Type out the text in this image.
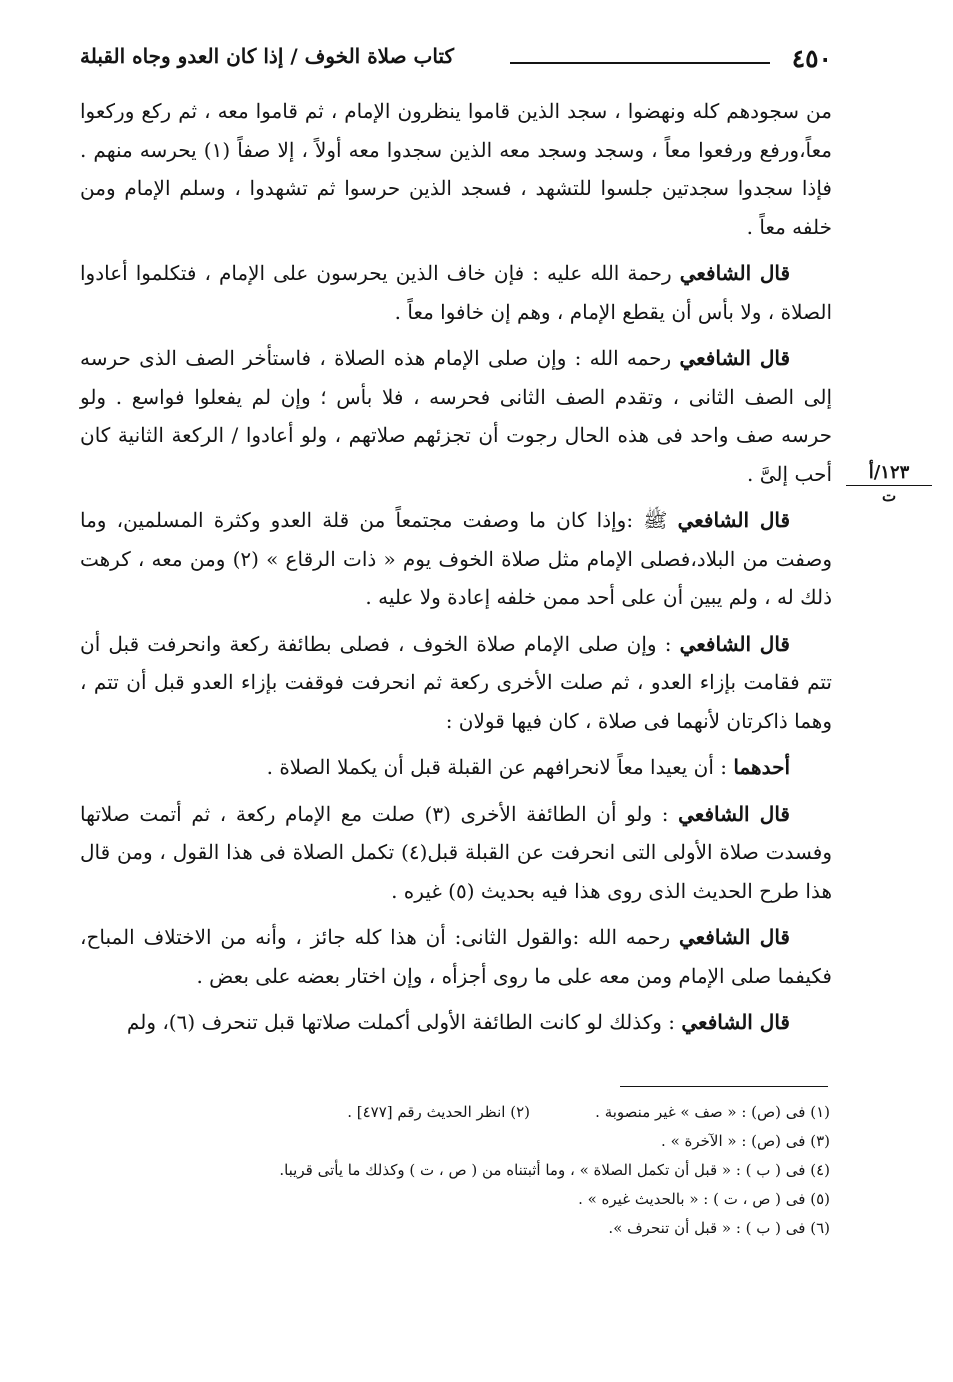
٤٥٠
كتاب صلاة الخوف / إذا كان العدو وجاه القبلة
١٢٣/أ
ت

من سجودهم كله ونهضوا ، سجد الذين قاموا ينظرون الإمام ، ثم قاموا معه ، ثم ركع وركعوا معاً،ورفع ورفعوا معاً ، وسجد وسجد معه الذين سجدوا معه أولاً ، إلا صفاً (١) يحرسه منهم . فإذا سجدوا سجدتين جلسوا للتشهد ، فسجد الذين حرسوا ثم تشهدوا ، وسلم الإمام ومن خلفه معاً .

قال الشافعي رحمة الله عليه : فإن خاف الذين يحرسون على الإمام ، فتكلموا أعادوا الصلاة ، ولا بأس أن يقطع الإمام ، وهم إن خافوا معاً .

قال الشافعي رحمه الله : وإن صلى الإمام هذه الصلاة ، فاستأخر الصف الذى حرسه إلى الصف الثانى ، وتقدم الصف الثانى فحرسه ، فلا بأس ؛ وإن لم يفعلوا فواسع . ولو حرسه صف واحد فى هذه الحال رجوت أن تجزئهم صلاتهم ، ولو أعادوا / الركعة الثانية كان أحب إلىَّ .

قال الشافعي ﷺ :وإذا كان ما وصفت مجتمعاً من قلة العدو وكثرة المسلمين، وما وصفت من البلاد،فصلى الإمام مثل صلاة الخوف يوم « ذات الرقاع » (٢) ومن معه ، كرهت ذلك له ، ولم يبين أن على أحد ممن خلفه إعادة ولا عليه .

قال الشافعي : وإن صلى الإمام صلاة الخوف ، فصلى بطائفة ركعة وانحرفت قبل أن تتم فقامت بإزاء العدو ، ثم صلت الأخرى ركعة ثم انحرفت فوقفت بإزاء العدو قبل أن تتم ، وهما ذاكرتان لأنهما فى صلاة ، كان فيها قولان :

أحدهما : أن يعيدا معاً لانحرافهم عن القبلة قبل أن يكملا الصلاة .

قال الشافعي : ولو أن الطائفة الأخرى (٣) صلت مع الإمام ركعة ، ثم أتمت صلاتها وفسدت صلاة الأولى التى انحرفت عن القبلة قبل(٤) تكمل الصلاة فى هذا القول ، ومن قال هذا طرح الحديث الذى روى هذا فيه بحديث (٥) غيره .

قال الشافعي رحمه الله :والقول الثانى: أن هذا كله جائز ، وأنه من الاختلاف المباح، فكيفما صلى الإمام ومن معه على ما روى أجزأه ، وإن اختار بعضه على بعض .

قال الشافعي : وكذلك لو كانت الطائفة الأولى أكملت صلاتها قبل تنحرف (٦)، ولم

(١) فى (ص) : « صف » غير منصوبة .
(٢) انظر الحديث رقم [٤٧٧] .
(٣) فى (ص) : « الآخرة » .
(٤) فى ( ب ) : « قبل أن تكمل الصلاة » ، وما أثبتناه من ( ص ، ت ) وكذلك ما يأتى قريبا.
(٥) فى ( ص ، ت ) : « بالحديث غيره » .
(٦) فى ( ب ) : « قبل أن تنحرف ».
